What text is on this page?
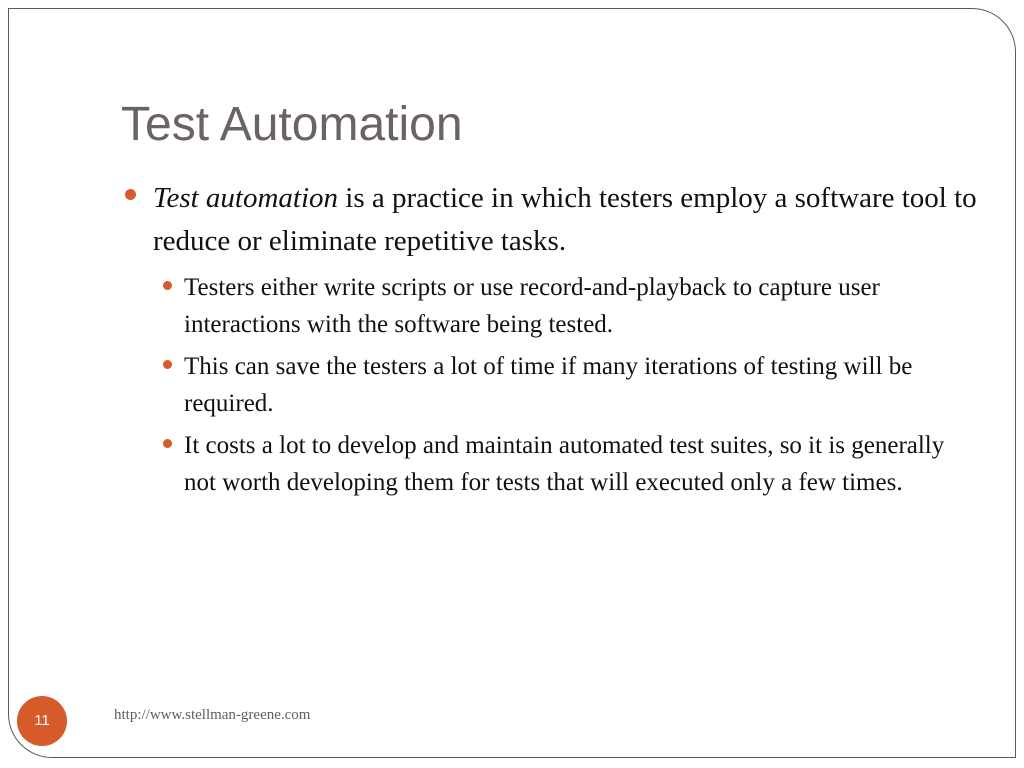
Test Automation
Test automation is a practice in which testers employ a software tool to reduce or eliminate repetitive tasks.
Testers either write scripts or use record-and-playback to capture user interactions with the software being tested.
This can save the testers a lot of time if many iterations of testing will be required.
It costs a lot to develop and maintain automated test suites, so it is generally not worth developing them for tests that will executed only a few times.
11	http://www.stellman-greene.com
